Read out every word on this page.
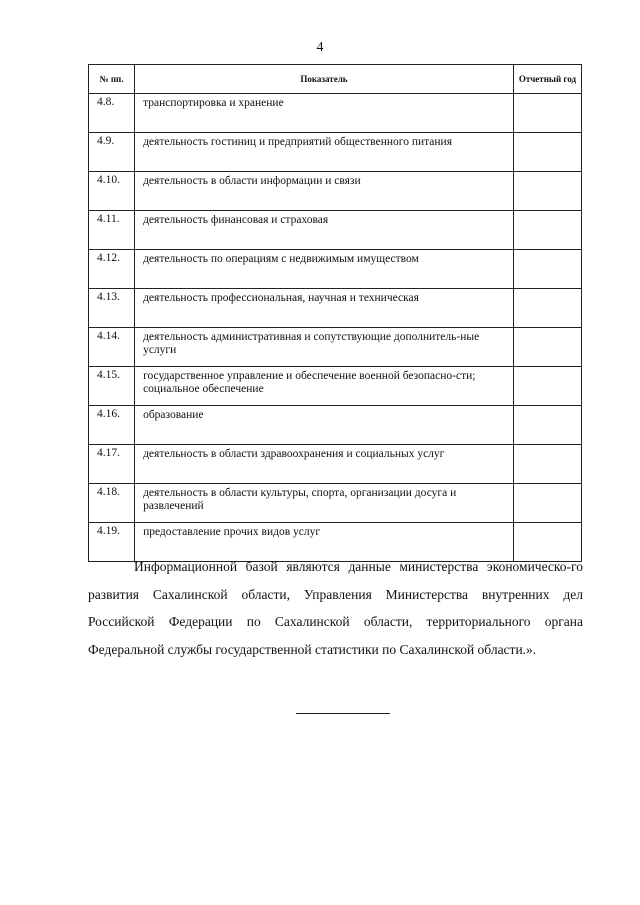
4
№ пп.	Показатель	Отчетный год
4.8.	транспортировка и хранение	
4.9.	деятельность гостиниц и предприятий общественного питания	
4.10.	деятельность в области информации и связи	
4.11.	деятельность финансовая и страховая	
4.12.	деятельность по операциям с недвижимым имуществом	
4.13.	деятельность профессиональная, научная и техническая	
4.14.	деятельность административная и сопутствующие дополнитель-ные услуги	
4.15.	государственное управление и обеспечение военной безопасно-сти; социальное обеспечение	
4.16.	образование	
4.17.	деятельность в области здравоохранения и социальных услуг	
4.18.	деятельность в области культуры, спорта, организации досуга и развлечений	
4.19.	предоставление прочих видов услуг	

Информационной базой являются данные министерства экономическо-го развития Сахалинской области, Управления Министерства внутренних дел Российской Федерации по Сахалинской области, территориального органа Федеральной службы государственной статистики по Сахалинской области.».
